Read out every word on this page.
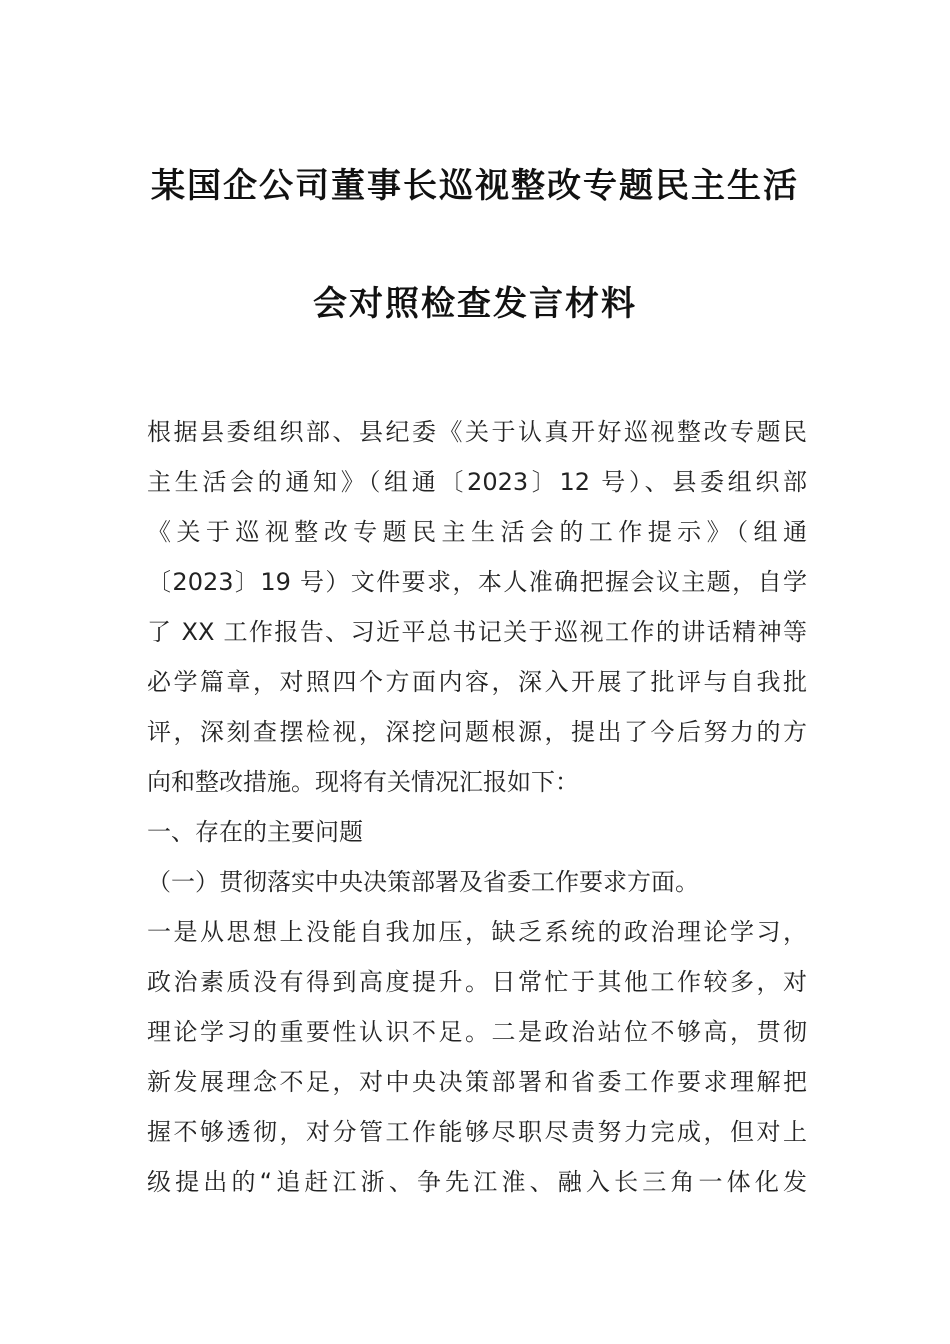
某国企公司董事长巡视整改专题民主生活
会对照检查发言材料
根据县委组织部、县纪委《关于认真开好巡视整改专题民
主生活会的通知》（组通〔2023〕12 号）、县委组织部
《关于巡视整改专题民主生活会的工作提示》（组通
〔2023〕19 号）文件要求，本人准确把握会议主题，自学
了 XX 工作报告、习近平总书记关于巡视工作的讲话精神等
必学篇章，对照四个方面内容，深入开展了批评与自我批
评，深刻查摆检视，深挖问题根源，提出了今后努力的方
向和整改措施。现将有关情况汇报如下：
一、存在的主要问题
（一）贯彻落实中央决策部署及省委工作要求方面。
一是从思想上没能自我加压，缺乏系统的政治理论学习，
政治素质没有得到高度提升。日常忙于其他工作较多，对
理论学习的重要性认识不足。二是政治站位不够高，贯彻
新发展理念不足，对中央决策部署和省委工作要求理解把
握不够透彻，对分管工作能够尽职尽责努力完成，但对上
级提出的“追赶江浙、争先江淮、融入长三角一体化发
